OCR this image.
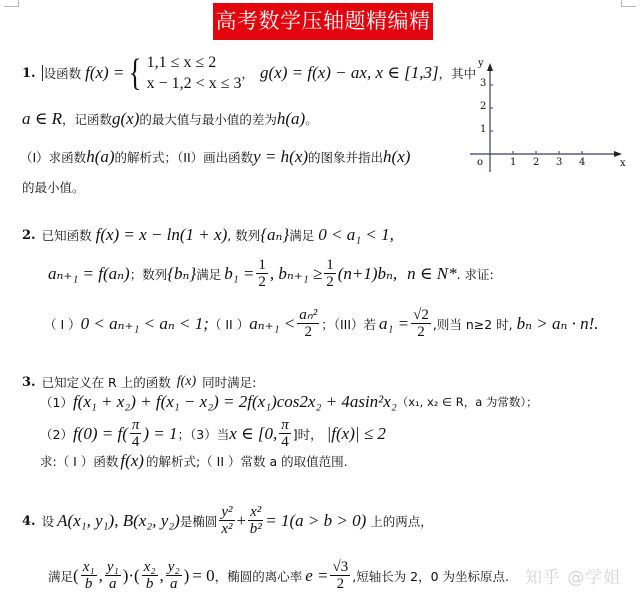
高考数学压轴题精编精解
1. 设函数 f(x) = { 1,1 ≤ x ≤ 2
x − 1,2 < x ≤ 3
， g(x) = f(x) − ax, x ∈ [1,3] ，其中
a ∈ R ，记函数 g(x) 的最大值与最小值的差为 h(a) 。
（I）求函数 h(a) 的解析式；（II）画出函数 y = h(x) 的图象并指出 h(x)
的最小值。
y
x
o	1 2 3 4
1
2
3
2. 已知函数 f(x) = x − ln(1 + x) , 数列 {aₙ} 满足 0 < a₁ < 1,
aₙ₊₁ = f(aₙ) ；数列 {bₙ} 满足 $b_1 = \frac{1}{2}$ , $b_{n+1} \ge \frac{1}{2} (n+1)b_n$, n ∈ N* . 求证:
（ I ） 0 < aₙ₊₁ < aₙ < 1; （ II ） $a_{n+1} < \frac{\text{aₙ²}}{2}$ ；（III）若 $a_1 = \frac{√2}{2}$ ,则当 n≥2 时, bₙ > aₙ · n!.
3. 已知定义在 R 上的函数 f(x) 同时满足:
（1） f(x₁ + x₂) + f(x₁ − x₂) = 2f(x₁)cos2x₂ + 4asin²x₂ （x₁, x₂ ∈ R，a 为常数）；
（2） $f(0) = f( \frac{\pi}{4}$ ) = 1 ；（3）当 x ∈ [0, $\frac{\pi}{4}$ ]时， |f(x)| ≤ 2
求:（ I ）函数 f(x) 的解析式;（ II ）常数 a 的取值范围.
4. 设 A(x₁, y₁), B(x₂, y₂) 是椭圆 $\frac{\text{y²}}{\text{x²}} + \frac{\text{x²}}{\text{b²}} = 1(a > b > 0)$ 上的两点，
满足 ( $\frac{\text{x₁}}{b}$ , $\frac{\text{y₁}}{a}$ )·( $\frac{\text{x₂}}{b}$ , $\frac{\text{y₂}}{a}$ ) = 0 ，椭圆的离心率 $e = \frac{√3}{2}$ ,短轴长为 2，0 为坐标原点. 知乎 @学姐
